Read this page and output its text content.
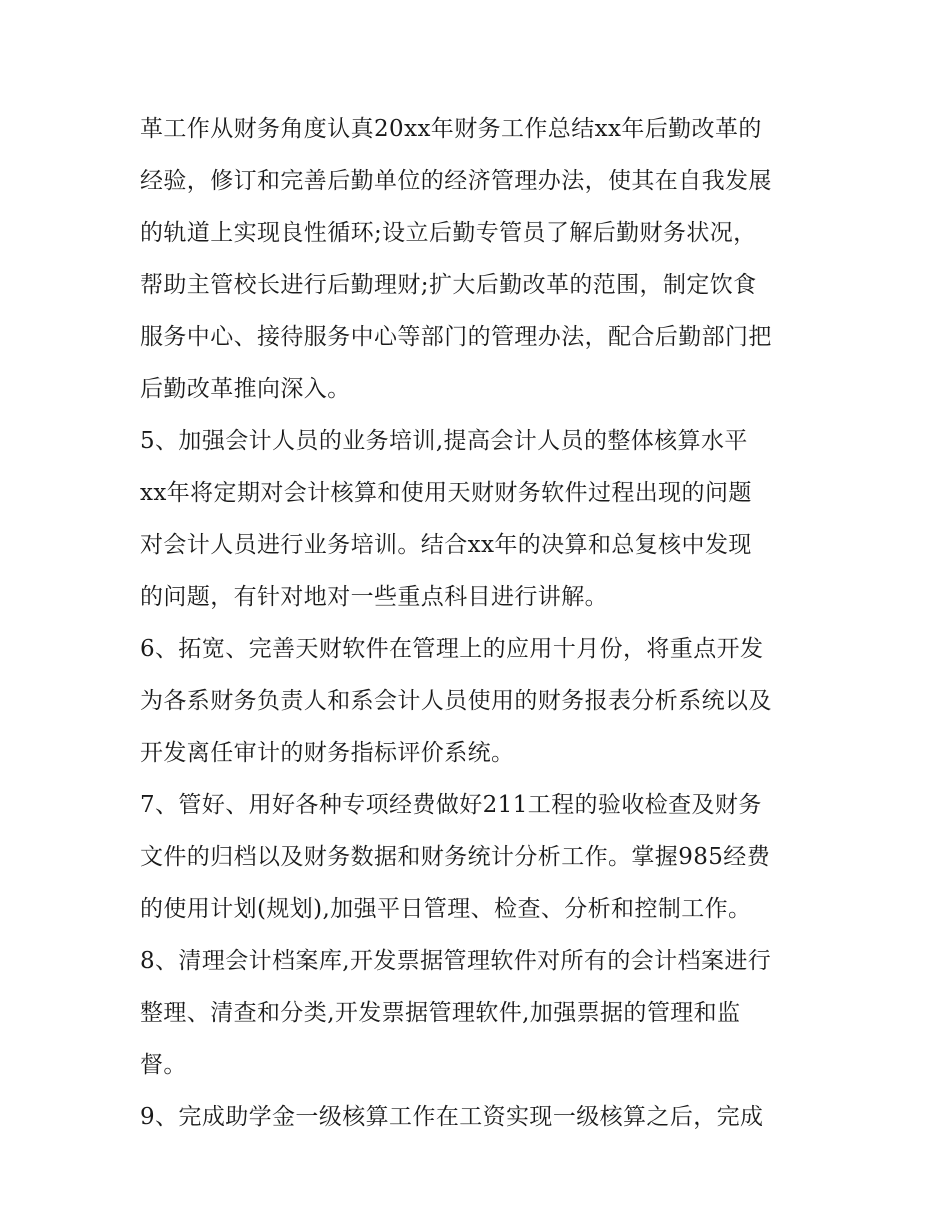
革工作从财务角度认真20xx年财务工作总结xx年后勤改革的
经验，修订和完善后勤单位的经济管理办法，使其在自我发展
的轨道上实现良性循环;设立后勤专管员了解后勤财务状况，
帮助主管校长进行后勤理财;扩大后勤改革的范围，制定饮食
服务中心、接待服务中心等部门的管理办法，配合后勤部门把
后勤改革推向深入。
5、加强会计人员的业务培训,提高会计人员的整体核算水平
xx年将定期对会计核算和使用天财财务软件过程出现的问题
对会计人员进行业务培训。结合xx年的决算和总复核中发现
的问题，有针对地对一些重点科目进行讲解。
6、拓宽、完善天财软件在管理上的应用十月份，将重点开发
为各系财务负责人和系会计人员使用的财务报表分析系统以及
开发离任审计的财务指标评价系统。
7、管好、用好各种专项经费做好211工程的验收检查及财务
文件的归档以及财务数据和财务统计分析工作。掌握985经费
的使用计划(规划),加强平日管理、检查、分析和控制工作。
8、清理会计档案库,开发票据管理软件对所有的会计档案进行
整理、清查和分类,开发票据管理软件,加强票据的管理和监
督。
9、完成助学金一级核算工作在工资实现一级核算之后，完成
